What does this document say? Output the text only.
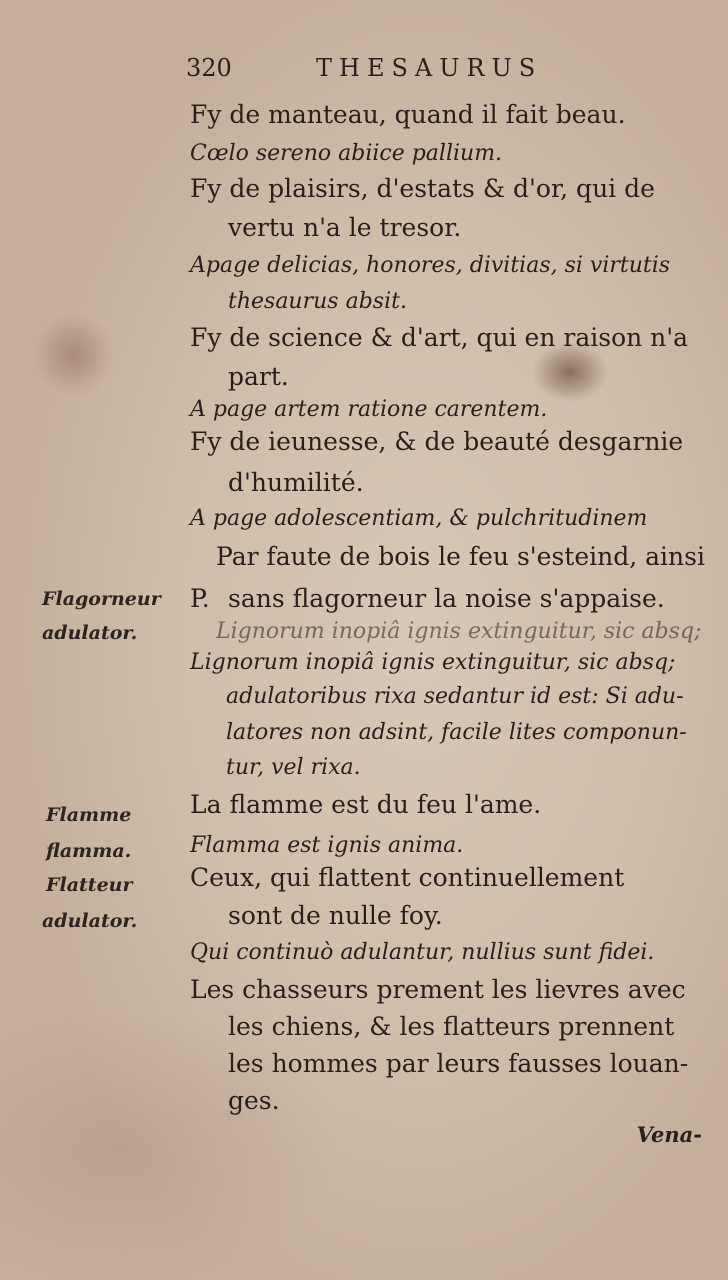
320	THESAURUS
Fy de manteau, quand il fait beau.
Cœlo sereno abiice pallium.
Fy de plaisirs, d'estats & d'or, qui de
vertu n'a le tresor.
Apage delicias, honores, divitias, si virtutis
thesaurus absit.
Fy de science & d'art, qui en raison n'a
part.
A page artem ratione carentem.
Fy de ieunesse, & de beauté desgarnie
d'humilité.
A page adolescentiam, & pulchritudinem
Par faute de bois le feu s'esteind, ainsi
P. sans flagorneur la noise s'appaise.
Lignorum inopiâ ignis extinguitur, sic absq;
Lignorum inopiâ ignis extinguitur, sic absq;
adulatoribus rixa sedantur id est: Si adu-
latores non adsint, facile lites componun-
tur, vel rixa.
La flamme est du feu l'ame.
Flamma est ignis anima.
Ceux, qui flattent continuellement
sont de nulle foy.
Qui continuò adulantur, nullius sunt fidei.
Les chasseurs prement les lievres avec
les chiens, & les flatteurs prennent
les hommes par leurs fausses louan-
ges.
Flagorneur
adulator.
Flamme
flamma.
Flatteur
adulator.
Vena-
